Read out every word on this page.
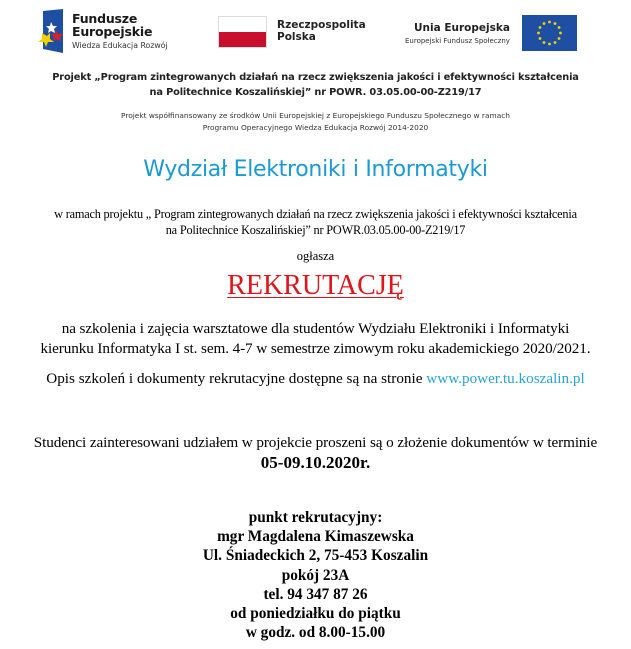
Fundusze
Europejskie
Wiedza Edukacja Rozwój
Rzeczpospolita
Polska
Unia Europejska
Europejski Fundusz Społeczny
Projekt „Program zintegrowanych działań na rzecz zwiększenia jakości i efektywności kształcenia
na Politechnice Koszalińskiej” nr POWR. 03.05.00-00-Z219/17
Projekt współfinansowany ze środków Unii Europejskiej z Europejskiego Funduszu Społecznego w ramach
Programu Operacyjnego Wiedza Edukacja Rozwój 2014-2020
Wydział Elektroniki i Informatyki
w ramach projektu „ Program zintegrowanych działań na rzecz zwiększenia jakości i efektywności kształcenia
na Politechnice Koszalińskiej” nr POWR.03.05.00-00-Z219/17
ogłasza
REKRUTACJĘ
na szkolenia i zajęcia warsztatowe dla studentów Wydziału Elektroniki i Informatyki
kierunku Informatyka I st. sem. 4-7 w semestrze zimowym roku akademickiego 2020/2021.
Opis szkoleń i dokumenty rekrutacyjne dostępne są na stronie www.power.tu.koszalin.pl
Studenci zainteresowani udziałem w projekcie proszeni są o złożenie dokumentów w terminie
05-09.10.2020r.
punkt rekrutacyjny:
mgr Magdalena Kimaszewska
Ul. Śniadeckich 2, 75-453 Koszalin
pokój 23A
tel. 94 347 87 26
od poniedziałku do piątku
w godz. od 8.00-15.00
